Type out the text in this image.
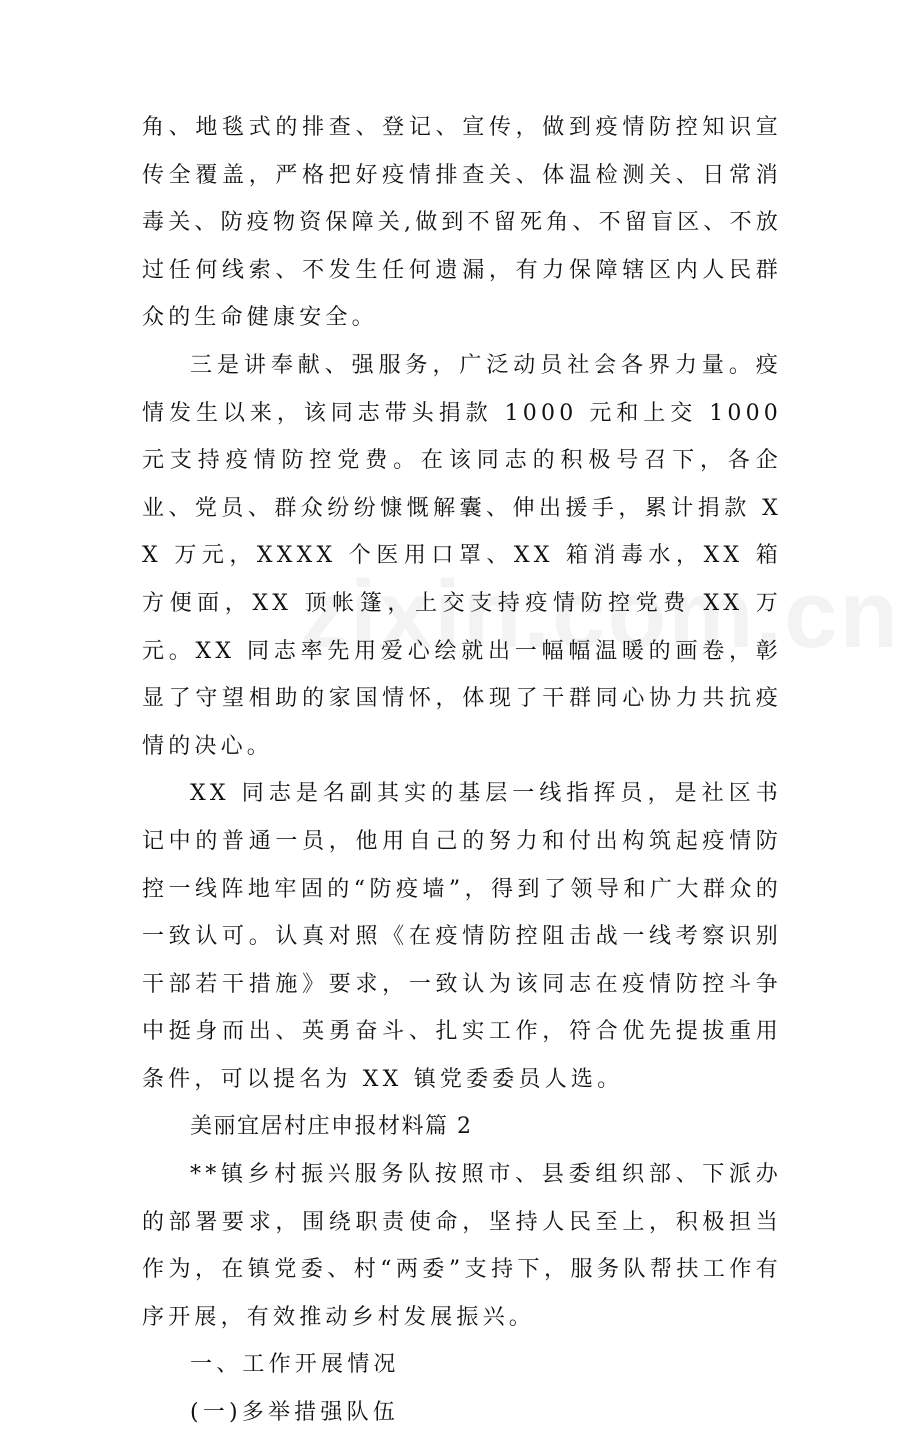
角、地毯式的排查、登记、宣传，做到疫情防控知识宣传全覆盖，严格把好疫情排查关、体温检测关、日常消毒关、防疫物资保障关,做到不留死角、不留盲区、不放过任何线索、不发生任何遗漏，有力保障辖区内人民群众的生命健康安全。

三是讲奉献、强服务，广泛动员社会各界力量。疫情发生以来，该同志带头捐款 1000 元和上交 1000 元支持疫情防控党费。在该同志的积极号召下，各企业、党员、群众纷纷慷慨解囊、伸出援手，累计捐款 XX 万元，XXXX 个医用口罩、XX 箱消毒水，XX 箱方便面，XX 顶帐篷，上交支持疫情防控党费 XX 万元。XX 同志率先用爱心绘就出一幅幅温暖的画卷，彰显了守望相助的家国情怀，体现了干群同心协力共抗疫情的决心。

XX 同志是名副其实的基层一线指挥员，是社区书记中的普通一员，他用自己的努力和付出构筑起疫情防控一线阵地牢固的“防疫墙”，得到了领导和广大群众的一致认可。认真对照《在疫情防控阻击战一线考察识别干部若干措施》要求，一致认为该同志在疫情防控斗争中挺身而出、英勇奋斗、扎实工作，符合优先提拔重用条件，可以提名为 XX 镇党委委员人选。

美丽宜居村庄申报材料篇 2

**镇乡村振兴服务队按照市、县委组织部、下派办的部署要求，围绕职责使命，坚持人民至上，积极担当作为，在镇党委、村“两委”支持下，服务队帮扶工作有序开展，有效推动乡村发展振兴。

一、工作开展情况

(一)多举措强队伍
